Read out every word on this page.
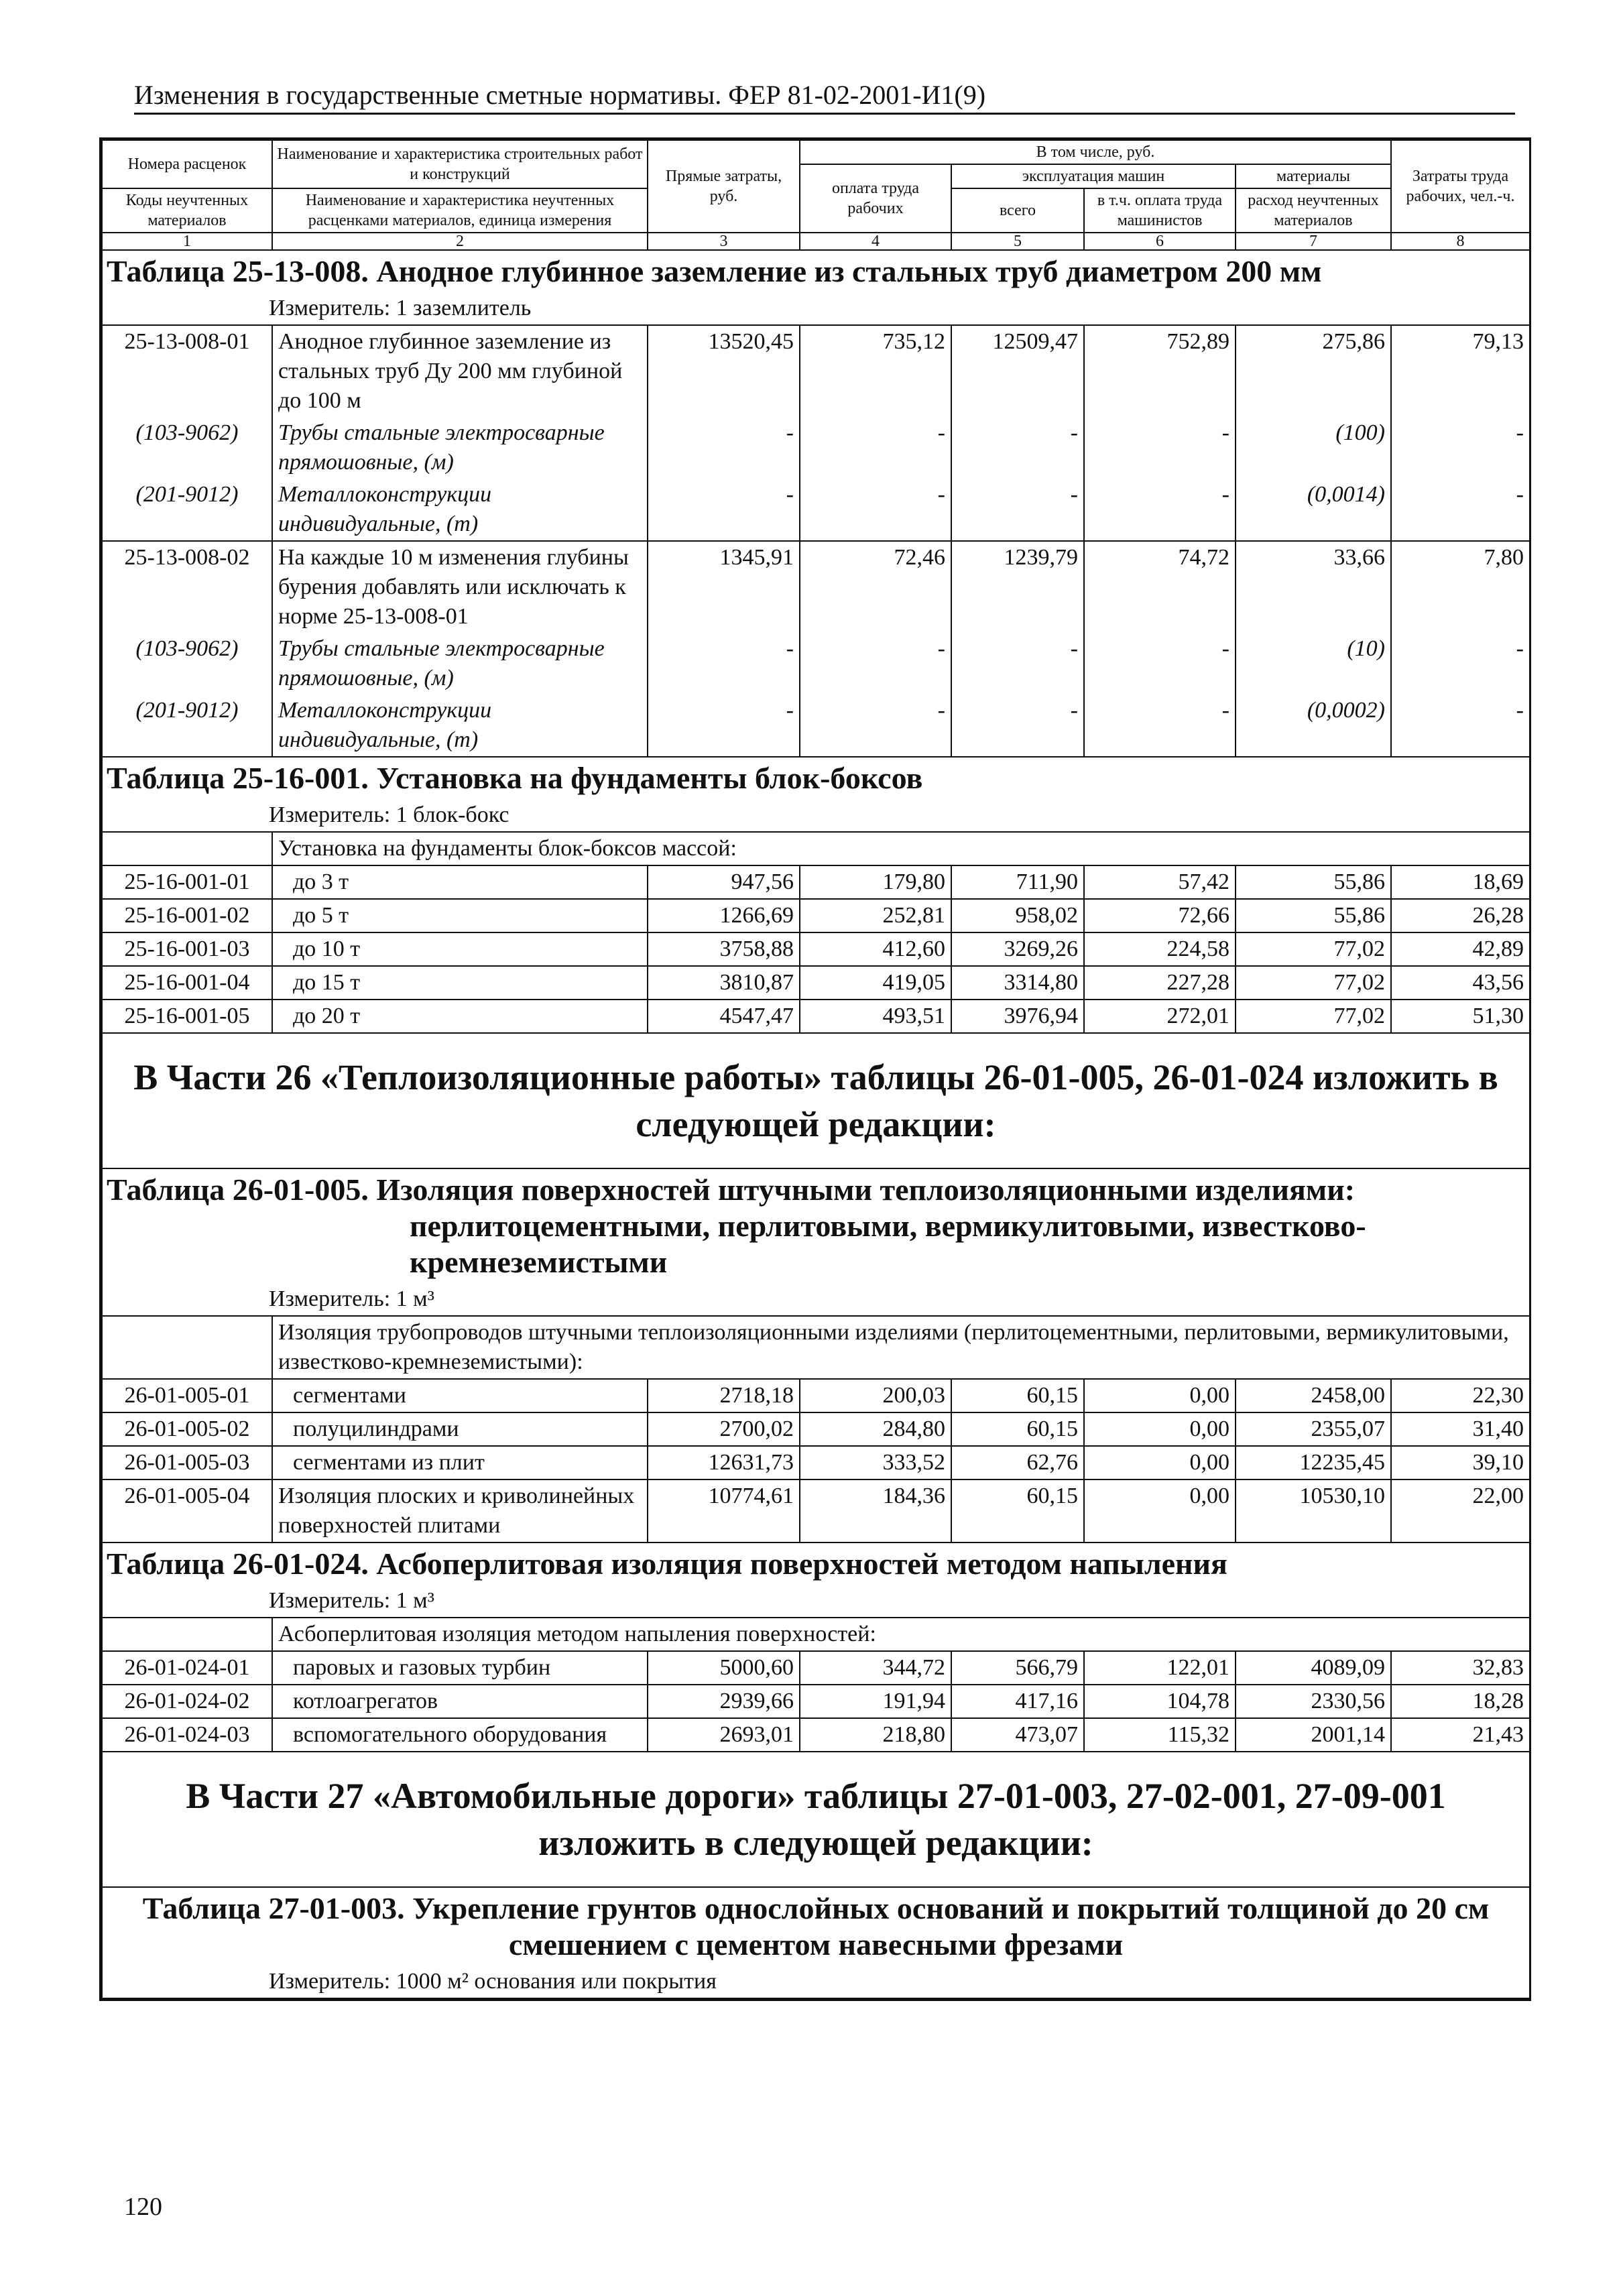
Изменения в государственные сметные нормативы. ФЕР 81-02-2001-И1(9)
Номера расценок	Наименование и характеристика строительных работ и конструкций	Прямые затраты, руб.	В том числе, руб.				Затраты труда рабочих, чел.-ч.
			оплата труда рабочих	эксплуатация машин		материалы	
Коды неучтенных материалов	Наименование и характеристика неучтенных расценками материалов, единица измерения			всего	в т.ч. оплата труда машинистов	расход неучтенных материалов	

1	2	3	4	5	6	7	8
Таблица 25-13-008. Анодное глубинное заземление из стальных труб диаметром 200 мм							
Измеритель: 1 заземлитель							
25-13-008-01	Анодное глубинное заземление из стальных труб Ду 200 мм глубиной до 100 м	13520,45	735,12	12509,47	752,89	275,86	79,13
(103-9062)	Трубы стальные электросварные прямошовные, (м)	-	-	-	-	(100)	-
(201-9012)	Металлоконструкции индивидуальные, (т)	-	-	-	-	(0,0014)	-
25-13-008-02	На каждые 10 м изменения глубины бурения добавлять или исключать к норме 25-13-008-01	1345,91	72,46	1239,79	74,72	33,66	7,80
(103-9062)	Трубы стальные электросварные прямошовные, (м)	-	-	-	-	(10)	-
(201-9012)	Металлоконструкции индивидуальные, (т)	-	-	-	-	(0,0002)	-
Таблица 25-16-001. Установка на фундаменты блок-боксов							
Измеритель: 1 блок-бокс							
	Установка на фундаменты блок-боксов массой:						
25-16-001-01	до 3 т	947,56	179,80	711,90	57,42	55,86	18,69
25-16-001-02	до 5 т	1266,69	252,81	958,02	72,66	55,86	26,28
25-16-001-03	до 10 т	3758,88	412,60	3269,26	224,58	77,02	42,89
25-16-001-04	до 15 т	3810,87	419,05	3314,80	227,28	77,02	43,56
25-16-001-05	до 20 т	4547,47	493,51	3976,94	272,01	77,02	51,30
В Части 26 «Теплоизоляционные работы» таблицы 26-01-005, 26-01-024 изложить в следующей редакции:							

Таблица 26-01-005. Изоляция поверхностей штучными теплоизоляционными изделиями: перлитоцементными, перлитовыми, вермикулитовыми, известково-кремнеземистыми							

Измеритель: 1 м³							
	Изоляция трубопроводов штучными теплоизоляционными изделиями (перлитоцементными, перлитовыми, вермикулитовыми, известково-кремнеземистыми):						
26-01-005-01	сегментами	2718,18	200,03	60,15	0,00	2458,00	22,30
26-01-005-02	полуцилиндрами	2700,02	284,80	60,15	0,00	2355,07	31,40
26-01-005-03	сегментами из плит	12631,73	333,52	62,76	0,00	12235,45	39,10
26-01-005-04	Изоляция плоских и криволинейных поверхностей плитами	10774,61	184,36	60,15	0,00	10530,10	22,00
Таблица 26-01-024. Асбоперлитовая изоляция поверхностей методом напыления							
Измеритель: 1 м³							
	Асбоперлитовая изоляция методом напыления поверхностей:						
26-01-024-01	паровых и газовых турбин	5000,60	344,72	566,79	122,01	4089,09	32,83
26-01-024-02	котлоагрегатов	2939,66	191,94	417,16	104,78	2330,56	18,28
26-01-024-03	вспомогательного оборудования	2693,01	218,80	473,07	115,32	2001,14	21,43
В Части 27 «Автомобильные дороги» таблицы 27-01-003, 27-02-001, 27-09-001 изложить в следующей редакции:							
Таблица 27-01-003. Укрепление грунтов однослойных оснований и покрытий толщиной до 20 см смешением с цементом навесными фрезами							
Измеритель: 1000 м² основания или покрытия							
120
